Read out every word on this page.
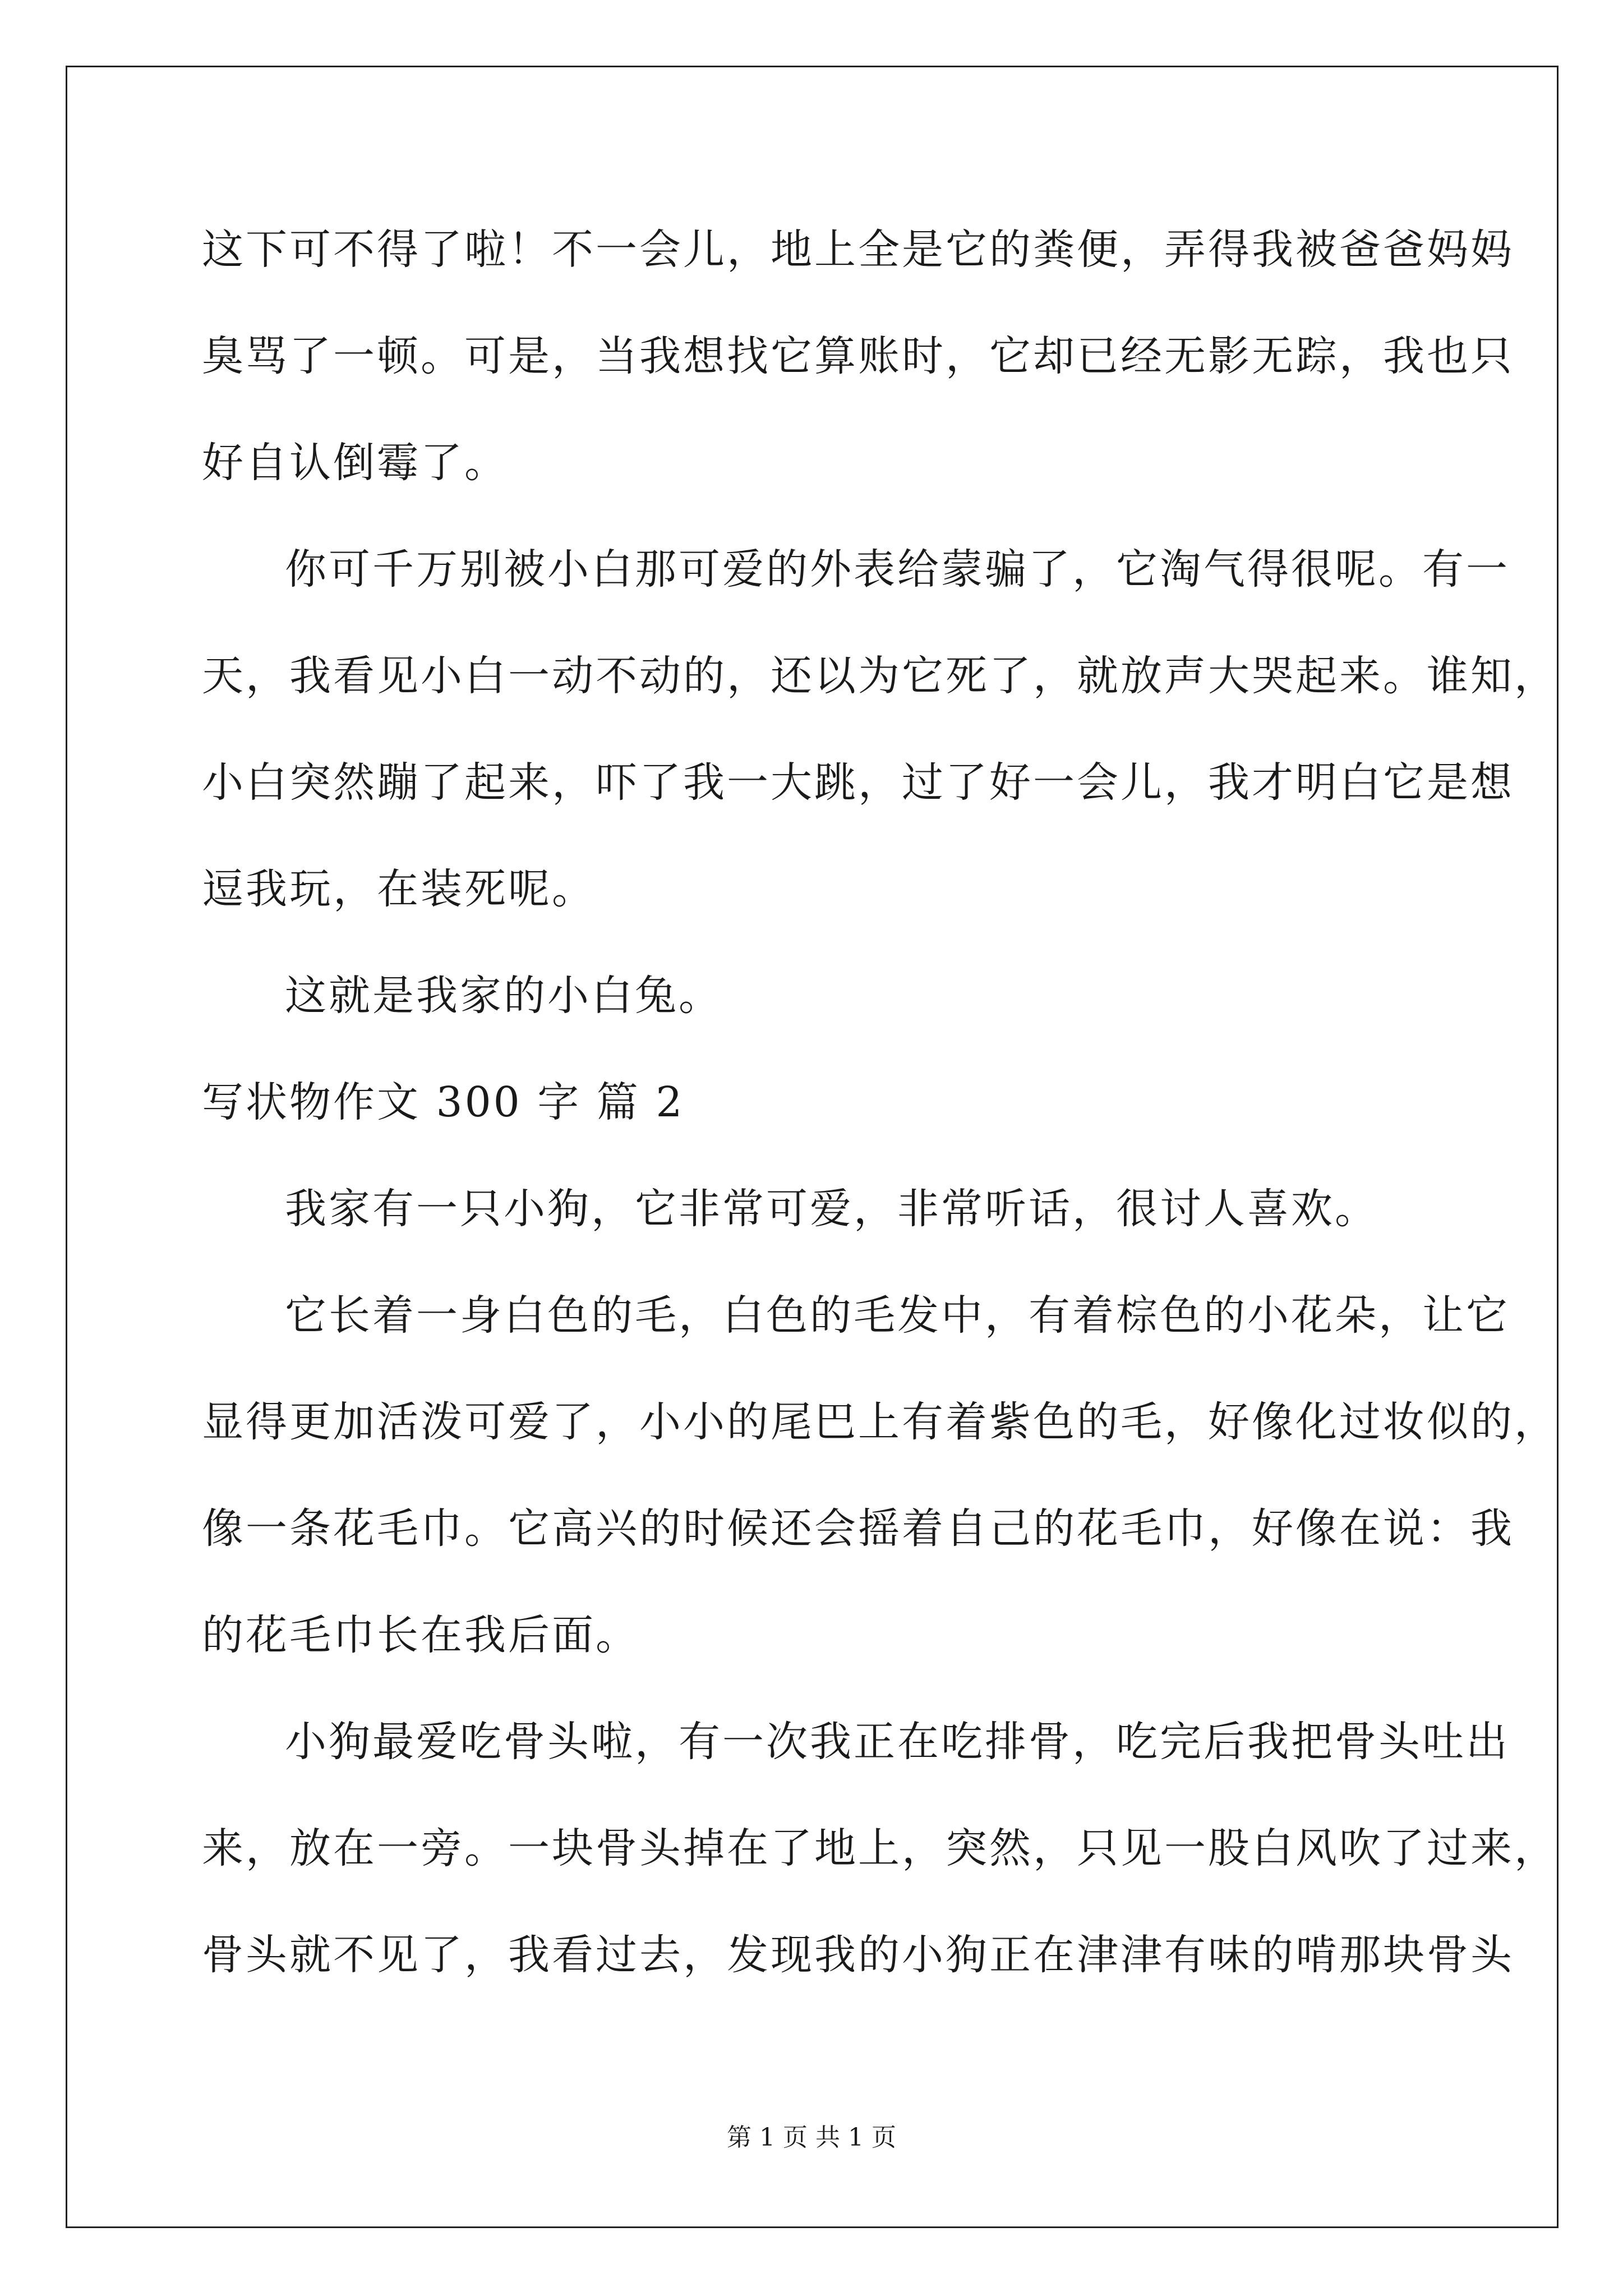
这下可不得了啦！不一会儿，地上全是它的粪便，弄得我被爸爸妈妈
臭骂了一顿。可是，当我想找它算账时，它却已经无影无踪，我也只
好自认倒霉了。
你可千万别被小白那可爱的外表给蒙骗了，它淘气得很呢。有一
天，我看见小白一动不动的，还以为它死了，就放声大哭起来。谁知，
小白突然蹦了起来，吓了我一大跳，过了好一会儿，我才明白它是想
逗我玩，在装死呢。
这就是我家的小白兔。
写状物作文 300 字 篇 2
我家有一只小狗，它非常可爱，非常听话，很讨人喜欢。
它长着一身白色的毛，白色的毛发中，有着棕色的小花朵，让它
显得更加活泼可爱了，小小的尾巴上有着紫色的毛，好像化过妆似的，
像一条花毛巾。它高兴的时候还会摇着自己的花毛巾，好像在说：我
的花毛巾长在我后面。
小狗最爱吃骨头啦，有一次我正在吃排骨，吃完后我把骨头吐出
来，放在一旁。一块骨头掉在了地上，突然，只见一股白风吹了过来，
骨头就不见了，我看过去，发现我的小狗正在津津有味的啃那块骨头
第 1 页 共 1 页
